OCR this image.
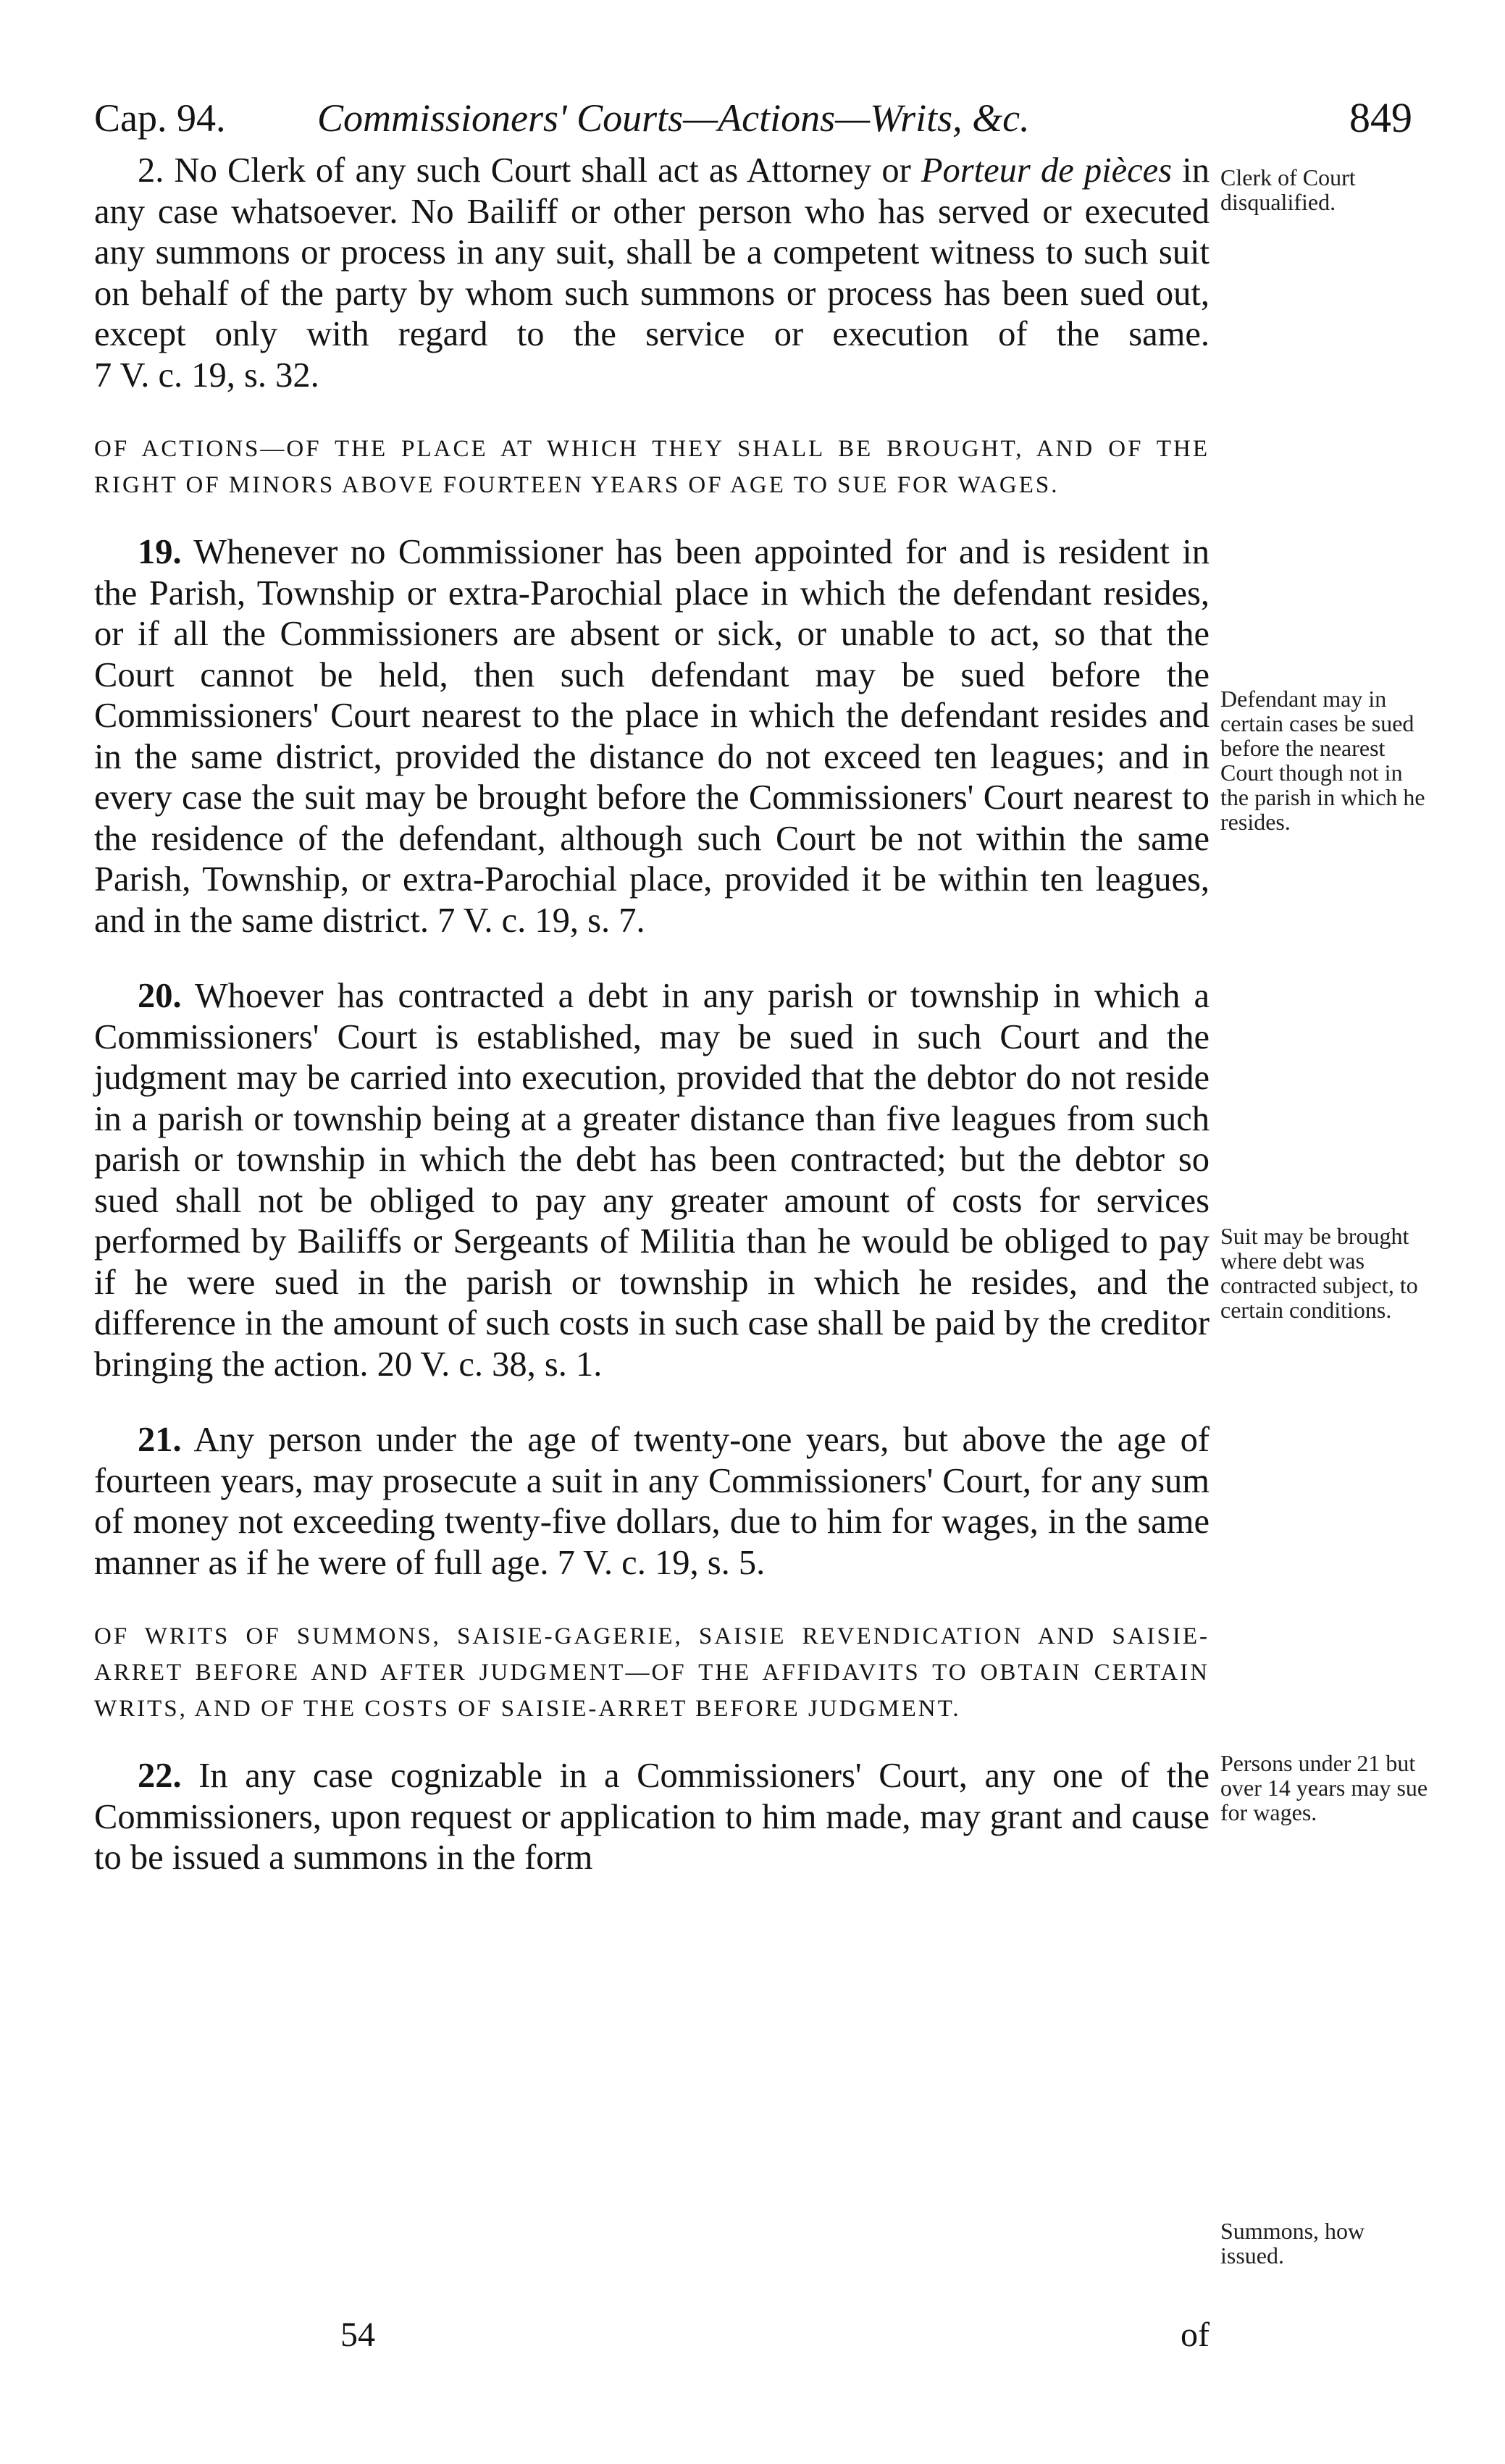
Cap. 94. Commissioners' Courts—Actions—Writs, &c.	849

2. No Clerk of any such Court shall act as Attorney or Porteur de pièces in any case whatsoever. No Bailiff or other person who has served or executed any summons or process in any suit, shall be a competent witness to such suit on behalf of the party by whom such summons or process has been sued out, except only with regard to the service or execution of the same. 7 V. c. 19, s. 32.

OF ACTIONS—OF THE PLACE AT WHICH THEY SHALL BE BROUGHT, AND OF THE RIGHT OF MINORS ABOVE FOURTEEN YEARS OF AGE TO SUE FOR WAGES.

19. Whenever no Commissioner has been appointed for and is resident in the Parish, Township or extra-Parochial place in which the defendant resides, or if all the Commissioners are absent or sick, or unable to act, so that the Court cannot be held, then such defendant may be sued before the Commissioners' Court nearest to the place in which the defendant resides and in the same district, provided the distance do not exceed ten leagues; and in every case the suit may be brought before the Commissioners' Court nearest to the residence of the defendant, although such Court be not within the same Parish, Township, or extra-Parochial place, provided it be within ten leagues, and in the same district. 7 V. c. 19, s. 7.

20. Whoever has contracted a debt in any parish or township in which a Commissioners' Court is established, may be sued in such Court and the judgment may be carried into execution, provided that the debtor do not reside in a parish or township being at a greater distance than five leagues from such parish or township in which the debt has been contracted; but the debtor so sued shall not be obliged to pay any greater amount of costs for services performed by Bailiffs or Sergeants of Militia than he would be obliged to pay if he were sued in the parish or township in which he resides, and the difference in the amount of such costs in such case shall be paid by the creditor bringing the action. 20 V. c. 38, s. 1.

21. Any person under the age of twenty-one years, but above the age of fourteen years, may prosecute a suit in any Commissioners' Court, for any sum of money not exceeding twenty-five dollars, due to him for wages, in the same manner as if he were of full age. 7 V. c. 19, s. 5.

OF WRITS OF SUMMONS, SAISIE-GAGERIE, SAISIE REVENDICATION AND SAISIE-ARRET BEFORE AND AFTER JUDGMENT—OF THE AFFIDAVITS TO OBTAIN CERTAIN WRITS, AND OF THE COSTS OF SAISIE-ARRET BEFORE JUDGMENT.

22. In any case cognizable in a Commissioners' Court, any one of the Commissioners, upon request or application to him made, may grant and cause to be issued a summons in the form

Clerk of Court disqualified.
Defendant may in certain cases be sued before the nearest Court though not in the parish in which he resides.
Suit may be brought where debt was contracted subject, to certain conditions.
Persons under 21 but over 14 years may sue for wages.
Summons, how issued.
54	of
